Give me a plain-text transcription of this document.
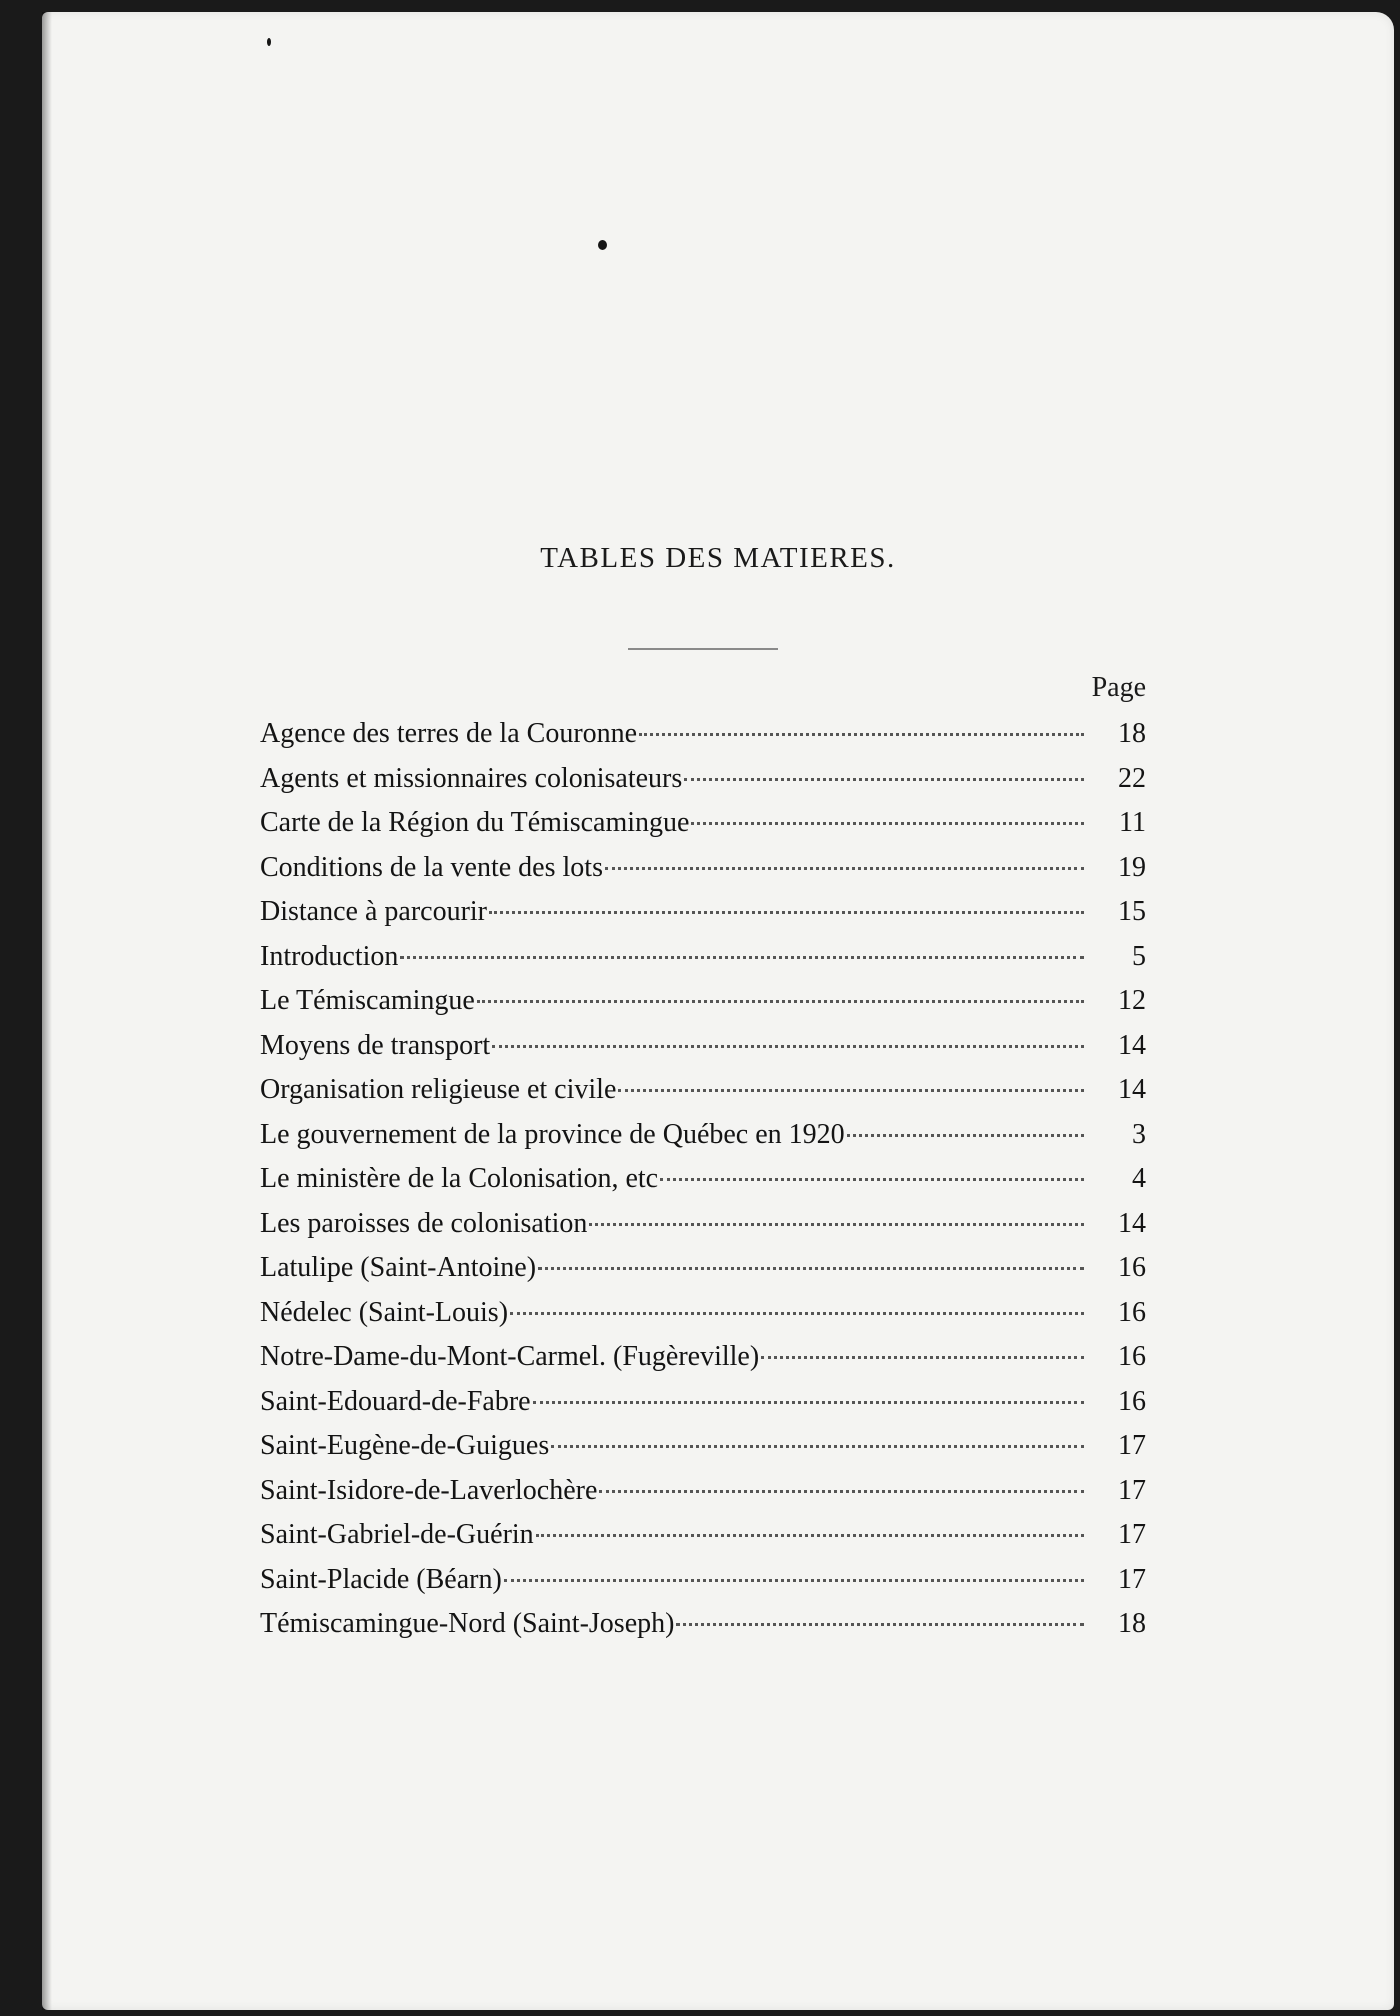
TABLES DES MATIERES.
Page
Agence des terres de la Couronne	18
Agents et missionnaires colonisateurs	22
Carte de la Région du Témiscamingue	11
Conditions de la vente des lots	19
Distance à parcourir	15
Introduction	5
Le Témiscamingue	12
Moyens de transport	14
Organisation religieuse et civile	14
Le gouvernement de la province de Québec en 1920	3
Le ministère de la Colonisation, etc	4
Les paroisses de colonisation	14
Latulipe (Saint-Antoine)	16
Nédelec (Saint-Louis)	16
Notre-Dame-du-Mont-Carmel. (Fugèreville)	16
Saint-Edouard-de-Fabre	16
Saint-Eugène-de-Guigues	17
Saint-Isidore-de-Laverlochère	17
Saint-Gabriel-de-Guérin	17
Saint-Placide (Béarn)	17
Témiscamingue-Nord (Saint-Joseph)	18
